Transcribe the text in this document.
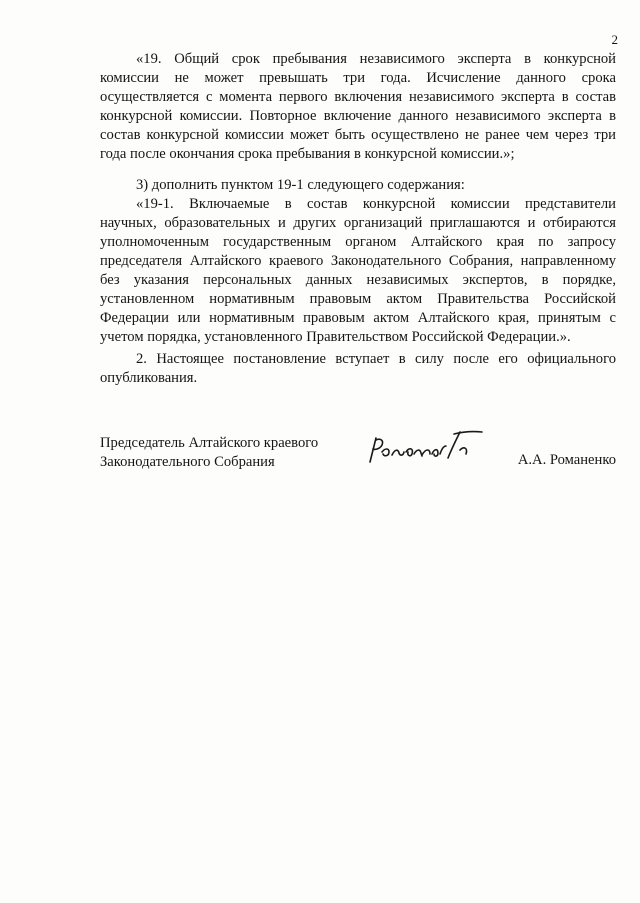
2
«19. Общий срок пребывания независимого эксперта в конкурсной
комиссии не может превышать три года. Исчисление данного срока
осуществляется с момента первого включения независимого эксперта в состав
конкурсной комиссии. Повторное включение данного независимого эксперта в
состав конкурсной комиссии может быть осуществлено не ранее чем через три
года после окончания срока пребывания в конкурсной комиссии.»;
3) дополнить пунктом 19-1 следующего содержания:
«19-1. Включаемые в состав конкурсной комиссии представители
научных, образовательных и других организаций приглашаются и отбираются
уполномоченным государственным органом Алтайского края по запросу
председателя Алтайского краевого Законодательного Собрания, направленному
без указания персональных данных независимых экспертов, в порядке,
установленном нормативным правовым актом Правительства Российской
Федерации или нормативным правовым актом Алтайского края, принятым с
учетом порядка, установленного Правительством Российской Федерации.».
2. Настоящее постановление вступает в силу после его официального
опубликования.
Председатель Алтайского краевого
Законодательного Собрания	А.А. Романенко
